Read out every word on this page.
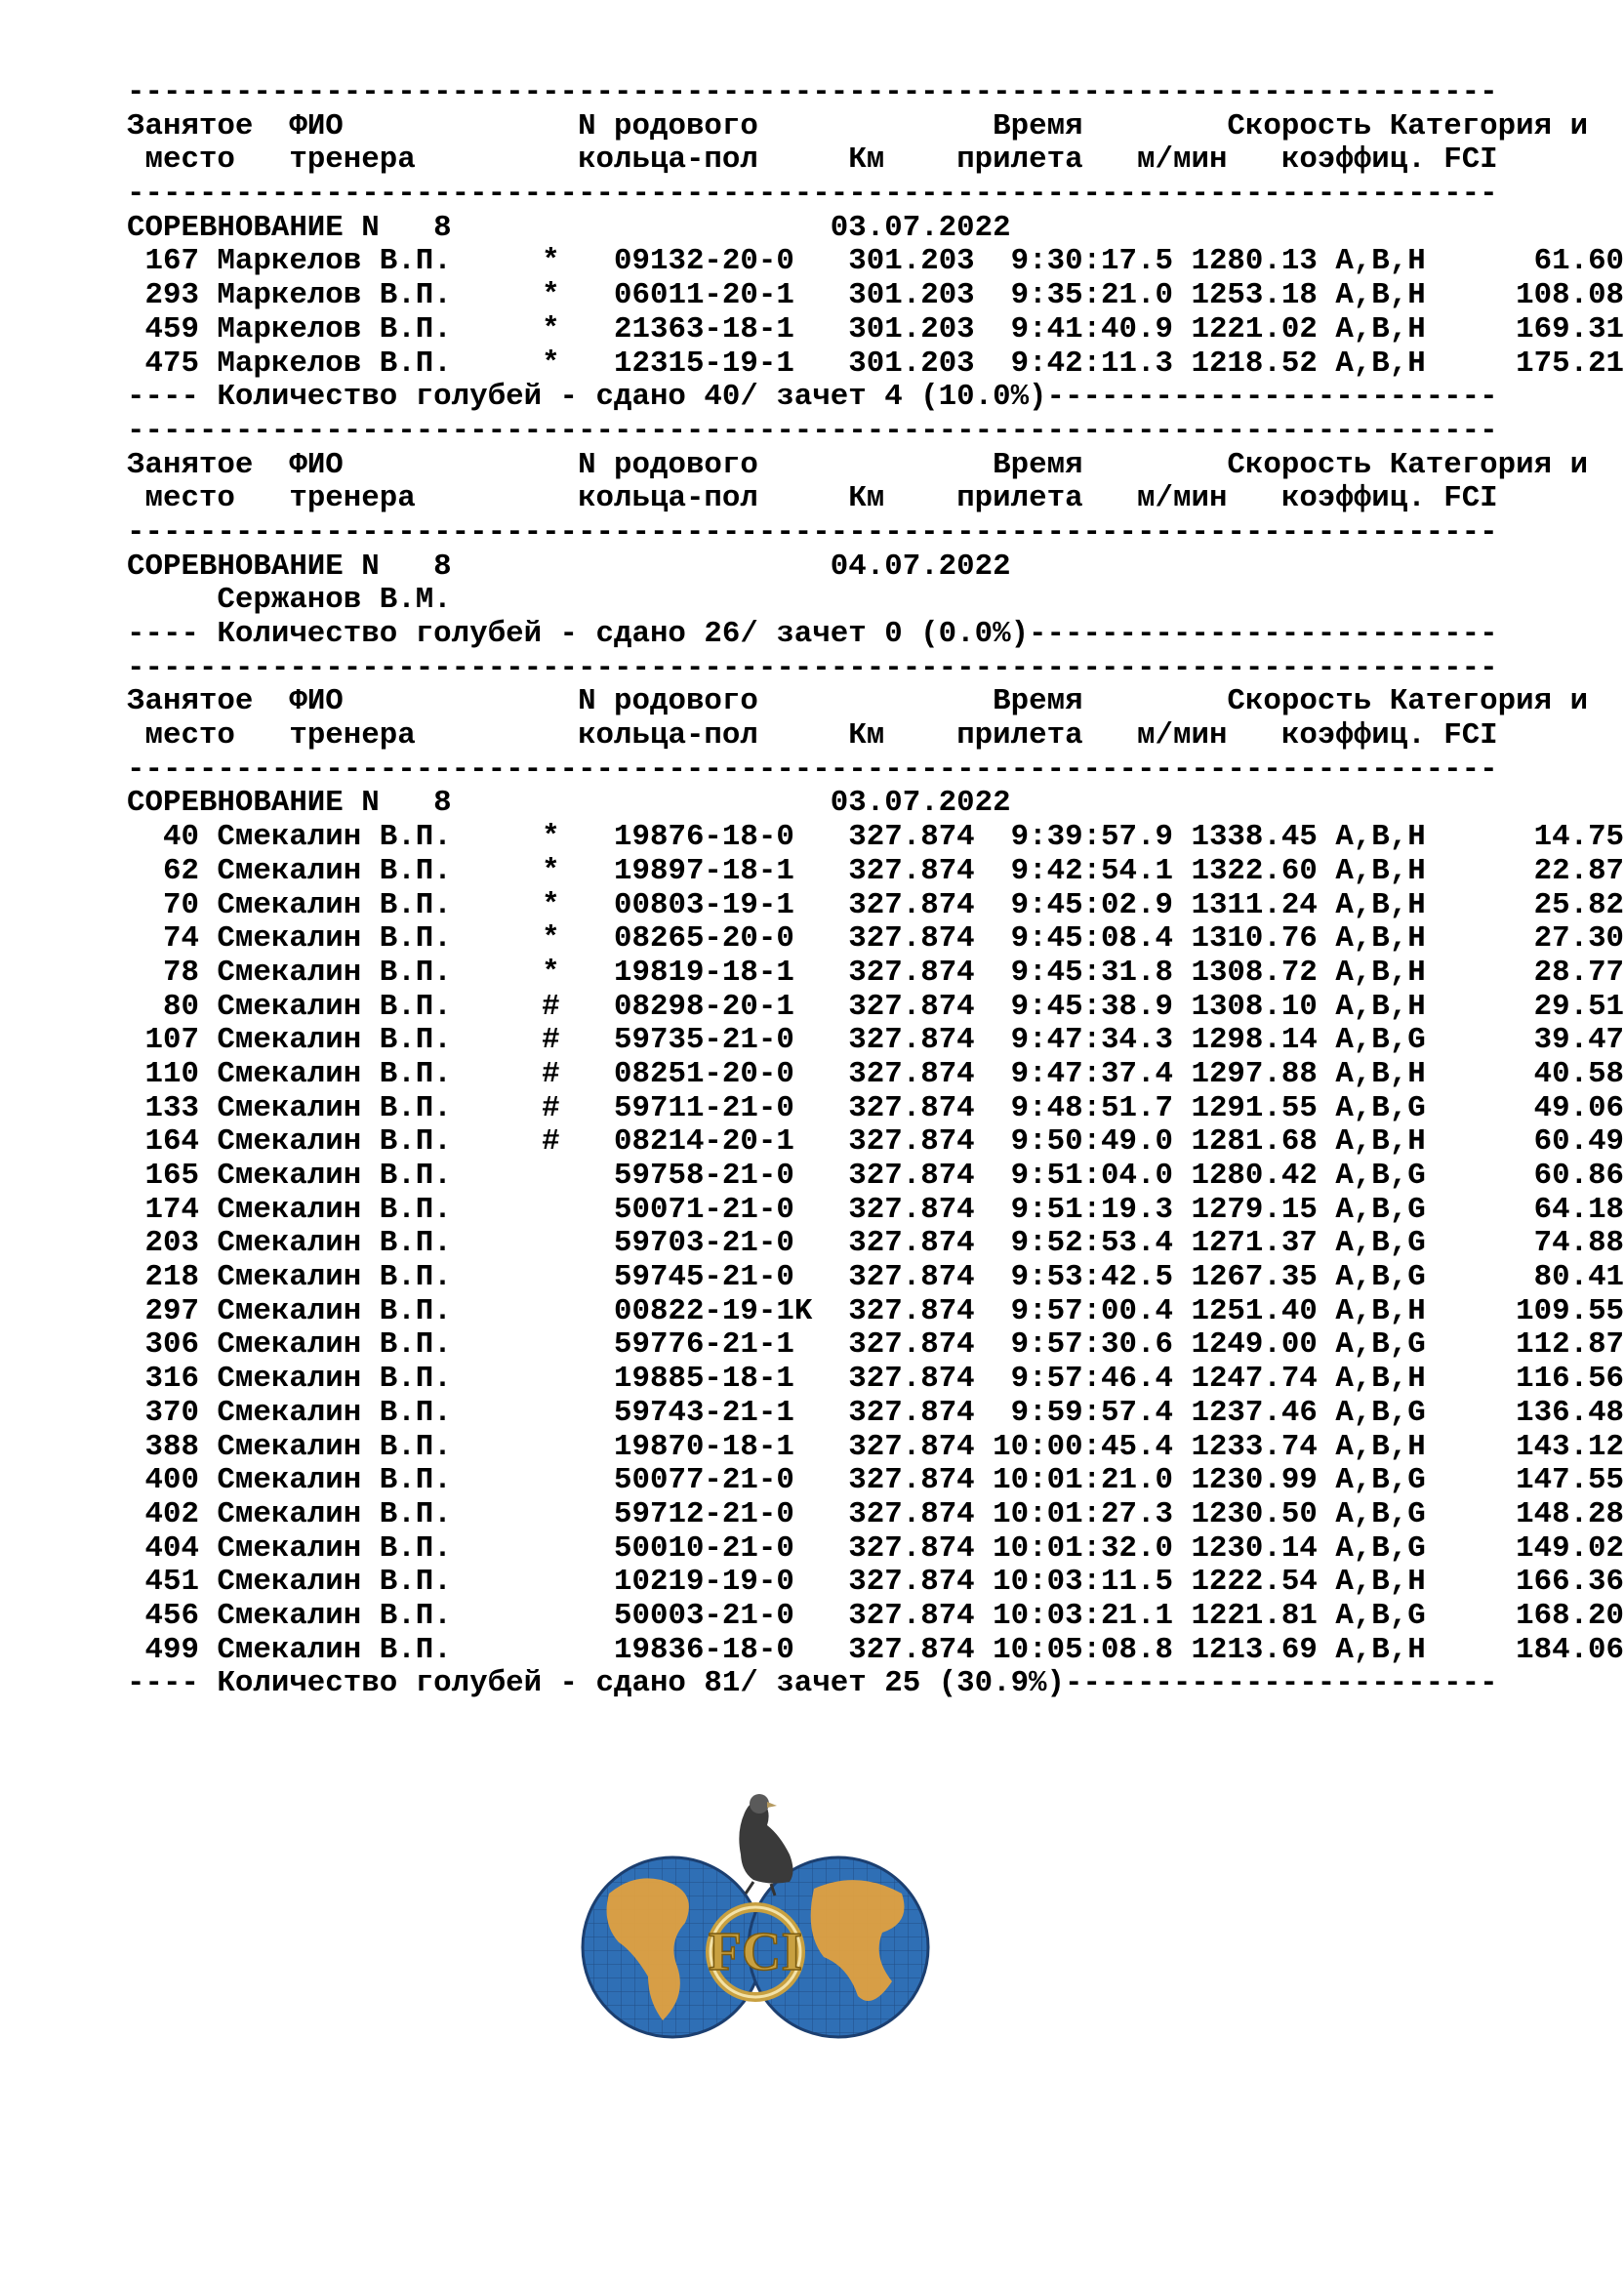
----------------------------------------------------------------------------
Занятое ФИО	N родового	Время	Скорость Категория и
место тренера	кольца-пол	Км прилета м/мин коэффиц. FCI
----------------------------------------------------------------------------
СОРЕВНОВАНИЕ N   8	03.07.2022
167 Маркелов В.П.	* 09132-20-0 301.203 9:30:17.5 1280.13 A,B,H	61.60
293 Маркелов В.П.	* 06011-20-1 301.203 9:35:21.0 1253.18 A,B,H	108.08
459 Маркелов В.П.	* 21363-18-1 301.203 9:41:40.9 1221.02 A,B,H	169.31
475 Маркелов В.П.	* 12315-19-1 301.203 9:42:11.3 1218.52 A,B,H	175.21
---- Количество голубей - сдано 40/ зачет 4 (10.0%)-------------------------
----------------------------------------------------------------------------
Занятое ФИО	N родового	Время	Скорость Категория и
место тренера	кольца-пол	Км прилета м/мин коэффиц. FCI
----------------------------------------------------------------------------
СОРЕВНОВАНИЕ N   8	04.07.2022
Сержанов В.М.
---- Количество голубей - сдано 26/ зачет 0 (0.0%)--------------------------
----------------------------------------------------------------------------
Занятое ФИО	N родового	Время	Скорость Категория и
место тренера	кольца-пол	Км прилета м/мин коэффиц. FCI
----------------------------------------------------------------------------
СОРЕВНОВАНИЕ N   8	03.07.2022
40 Смекалин В.П.	* 19876-18-0 327.874 9:39:57.9 1338.45 A,B,H	14.75
62 Смекалин В.П.	* 19897-18-1 327.874 9:42:54.1 1322.60 A,B,H	22.87
70 Смекалин В.П.	* 00803-19-1 327.874 9:45:02.9 1311.24 A,B,H	25.82
74 Смекалин В.П.	* 08265-20-0 327.874 9:45:08.4 1310.76 A,B,H	27.30
78 Смекалин В.П.	* 19819-18-1 327.874 9:45:31.8 1308.72 A,B,H	28.77
80 Смекалин В.П.	# 08298-20-1 327.874 9:45:38.9 1308.10 A,B,H	29.51
107 Смекалин В.П.	# 59735-21-0 327.874 9:47:34.3 1298.14 A,B,G	39.47
110 Смекалин В.П.	# 08251-20-0 327.874 9:47:37.4 1297.88 A,B,H	40.58
133 Смекалин В.П.	# 59711-21-0 327.874 9:48:51.7 1291.55 A,B,G	49.06
164 Смекалин В.П.	# 08214-20-1 327.874 9:50:49.0 1281.68 A,B,H	60.49
165 Смекалин В.П.	59758-21-0 327.874 9:51:04.0 1280.42 A,B,G	60.86
174 Смекалин В.П.	50071-21-0 327.874 9:51:19.3 1279.15 A,B,G	64.18
203 Смекалин В.П.	59703-21-0 327.874 9:52:53.4 1271.37 A,B,G	74.88
218 Смекалин В.П.	59745-21-0 327.874 9:53:42.5 1267.35 A,B,G	80.41
297 Смекалин В.П.	00822-19-1K 327.874 9:57:00.4 1251.40 A,B,H	109.55
306 Смекалин В.П.	59776-21-1 327.874 9:57:30.6 1249.00 A,B,G	112.87
316 Смекалин В.П.	19885-18-1 327.874 9:57:46.4 1247.74 A,B,H	116.56
370 Смекалин В.П.	59743-21-1 327.874 9:59:57.4 1237.46 A,B,G	136.48
388 Смекалин В.П.	19870-18-1 327.874 10:00:45.4 1233.74 A,B,H	143.12
400 Смекалин В.П.	50077-21-0 327.874 10:01:21.0 1230.99 A,B,G	147.55
402 Смекалин В.П.	59712-21-0 327.874 10:01:27.3 1230.50 A,B,G	148.28
404 Смекалин В.П.	50010-21-0 327.874 10:01:32.0 1230.14 A,B,G	149.02
451 Смекалин В.П.	10219-19-0 327.874 10:03:11.5 1222.54 A,B,H	166.36
456 Смекалин В.П.	50003-21-0 327.874 10:03:21.1 1221.81 A,B,G	168.20
499 Смекалин В.П.	19836-18-0 327.874 10:05:08.8 1213.69 A,B,H	184.06
---- Количество голубей - сдано 81/ зачет 25 (30.9%)------------------------
FCI
